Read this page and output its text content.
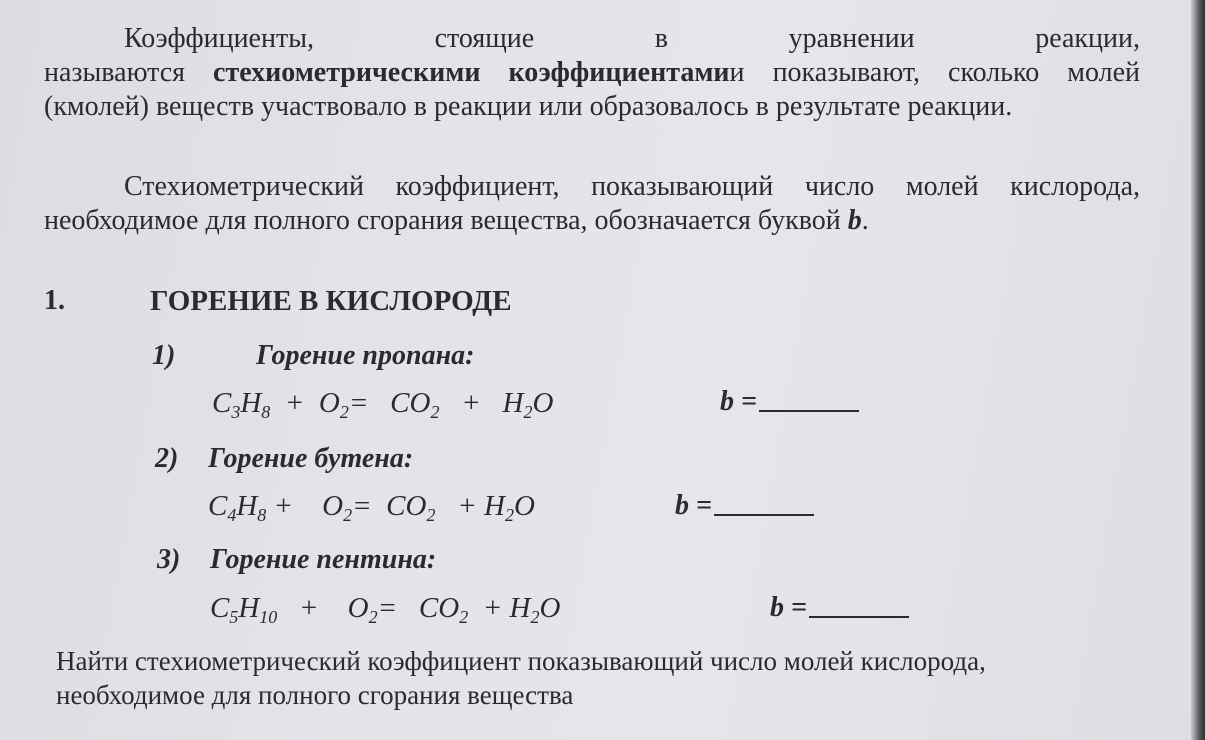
Коэффициенты,	стоящие	в	уравнении	реакции,
называются стехиометрическими коэффициентамии показывают, сколько молей
(кмолей) веществ участвовало в реакции или образовалось в результате реакции.
Стехиометрический коэффициент, показывающий число молей кислорода,
необходимое для полного сгорания вещества, обозначается буквой b.
1.	ГОРЕНИЕ В КИСЛОРОДЕ
1)	Горение пропана:
$C_3H_8 + O_2= CO_2 + H_2O$	b =
2) Горение бутена:
$C_4H_8 + O_2= CO_2 + H_2O$	b =
3) Горение пентина:
$C_5H_{10} + O_2= CO_2 + H_2O$	b =
Найти стехиометрический коэффициент показывающий число молей кислорода,
необходимое для полного сгорания вещества
